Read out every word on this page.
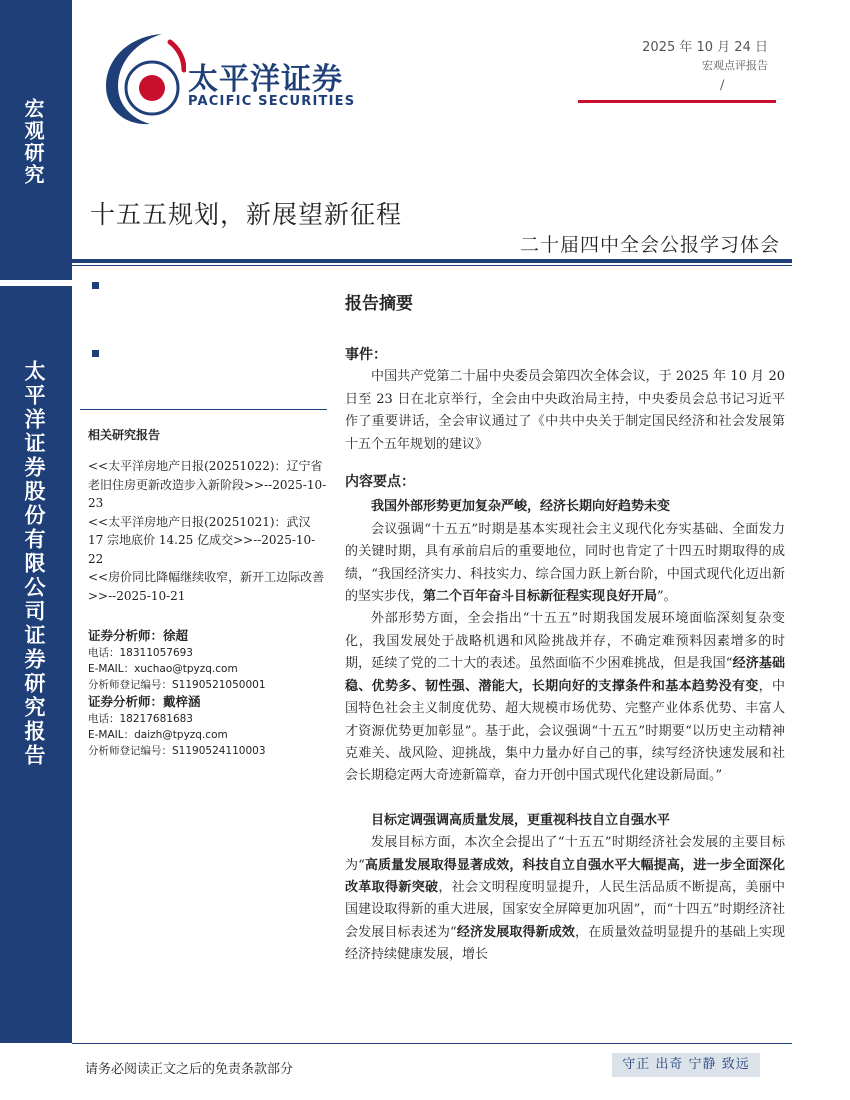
宏观研究
太平洋证券股份有限公司证券研究报告
太平洋证券
PACIFIC SECURITIES
2025 年 10 月 24 日
宏观点评报告
/
十五五规划，新展望新征程
二十届四中全会公报学习体会
相关研究报告
<<太平洋房地产日报(20251022)：辽宁省老旧住房更新改造步入新阶段>>--2025-10-23
<<太平洋房地产日报(20251021)：武汉 17 宗地底价 14.25 亿成交>>--2025-10-22
<<房价同比降幅继续收窄，新开工边际改善>>--2025-10-21
证券分析师：徐超
电话：18311057693
E-MAIL：xuchao@tpyzq.com
分析师登记编号：S1190521050001
证券分析师：戴梓涵
电话：18217681683
E-MAIL：daizh@tpyzq.com
分析师登记编号：S1190524110003
报告摘要
事件：

中国共产党第二十届中央委员会第四次全体会议，于 2025 年 10 月 20 日至 23 日在北京举行，全会由中央政治局主持，中央委员会总书记习近平作了重要讲话，全会审议通过了《中共中央关于制定国民经济和社会发展第十五个五年规划的建议》

内容要点：
我国外部形势更加复杂严峻，经济长期向好趋势未变

会议强调“十五五”时期是基本实现社会主义现代化夯实基础、全面发力的关键时期，具有承前启后的重要地位，同时也肯定了十四五时期取得的成绩，“我国经济实力、科技实力、综合国力跃上新台阶，中国式现代化迈出新的坚实步伐，第二个百年奋斗目标新征程实现良好开局”。

外部形势方面，全会指出“十五五”时期我国发展环境面临深刻复杂变化，我国发展处于战略机遇和风险挑战并存，不确定难预料因素增多的时期，延续了党的二十大的表述。虽然面临不少困难挑战，但是我国“经济基础稳、优势多、韧性强、潜能大，长期向好的支撑条件和基本趋势没有变，中国特色社会主义制度优势、超大规模市场优势、完整产业体系优势、丰富人才资源优势更加彰显”。基于此，会议强调“十五五”时期要“以历史主动精神克难关、战风险、迎挑战，集中力量办好自己的事，续写经济快速发展和社会长期稳定两大奇迹新篇章，奋力开创中国式现代化建设新局面。”

目标定调强调高质量发展，更重视科技自立自强水平

发展目标方面，本次全会提出了“十五五”时期经济社会发展的主要目标为“高质量发展取得显著成效，科技自立自强水平大幅提高，进一步全面深化改革取得新突破，社会文明程度明显提升，人民生活品质不断提高，美丽中国建设取得新的重大进展，国家安全屏障更加巩固”，而“十四五”时期经济社会发展目标表述为“经济发展取得新成效，在质量效益明显提升的基础上实现经济持续健康发展，增长

请务必阅读正文之后的免责条款部分	守正 出奇 宁静 致远
